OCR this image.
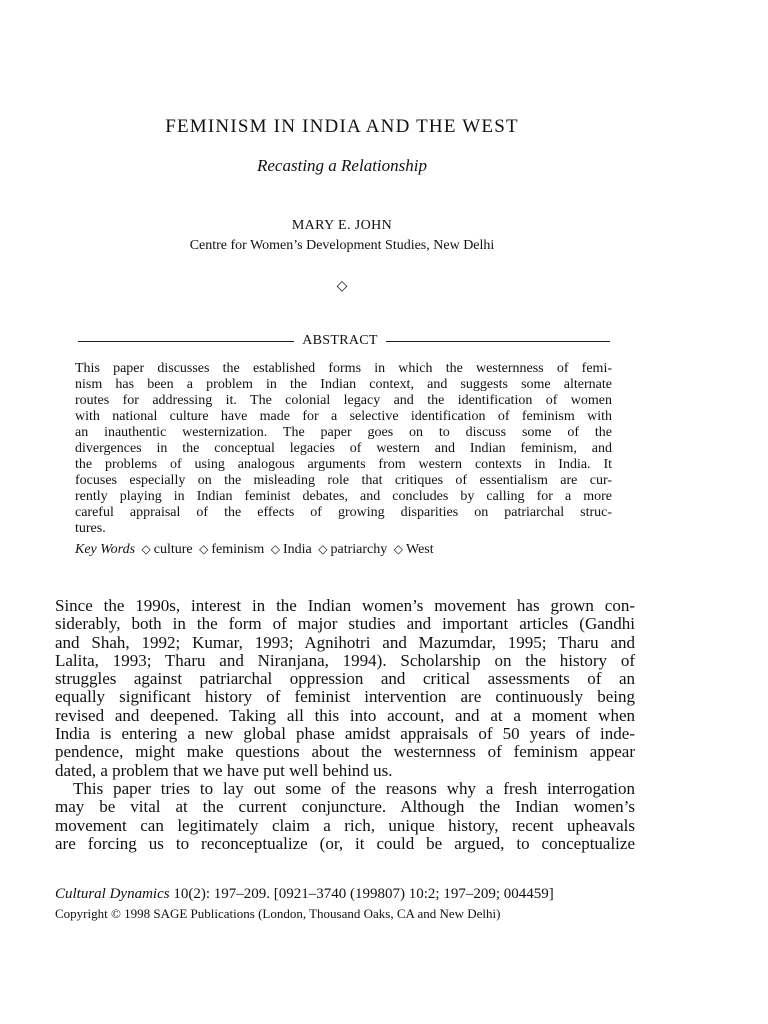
FEMINISM IN INDIA AND THE WEST
Recasting a Relationship
MARY E. JOHN
Centre for Women’s Development Studies, New Delhi
◇
ABSTRACT
This paper discusses the established forms in which the westernness of femi-
nism has been a problem in the Indian context, and suggests some alternate
routes for addressing it. The colonial legacy and the identification of women
with national culture have made for a selective identification of feminism with
an inauthentic westernization. The paper goes on to discuss some of the
divergences in the conceptual legacies of western and Indian feminism, and
the problems of using analogous arguments from western contexts in India. It
focuses especially on the misleading role that critiques of essentialism are cur-
rently playing in Indian feminist debates, and concludes by calling for a more
careful appraisal of the effects of growing disparities on patriarchal struc-
tures.
Key Words ◇ culture ◇ feminism ◇ India ◇ patriarchy ◇ West
Since the 1990s, interest in the Indian women’s movement has grown con-
siderably, both in the form of major studies and important articles (Gandhi
and Shah, 1992; Kumar, 1993; Agnihotri and Mazumdar, 1995; Tharu and
Lalita, 1993; Tharu and Niranjana, 1994). Scholarship on the history of
struggles against patriarchal oppression and critical assessments of an
equally significant history of feminist intervention are continuously being
revised and deepened. Taking all this into account, and at a moment when
India is entering a new global phase amidst appraisals of 50 years of inde-
pendence, might make questions about the westernness of feminism appear
dated, a problem that we have put well behind us.
This paper tries to lay out some of the reasons why a fresh interrogation
may be vital at the current conjuncture. Although the Indian women’s
movement can legitimately claim a rich, unique history, recent upheavals
are forcing us to reconceptualize (or, it could be argued, to conceptualize
Cultural Dynamics 10(2): 197–209. [0921–3740 (199807) 10:2; 197–209; 004459]
Copyright © 1998 SAGE Publications (London, Thousand Oaks, CA and New Delhi)
